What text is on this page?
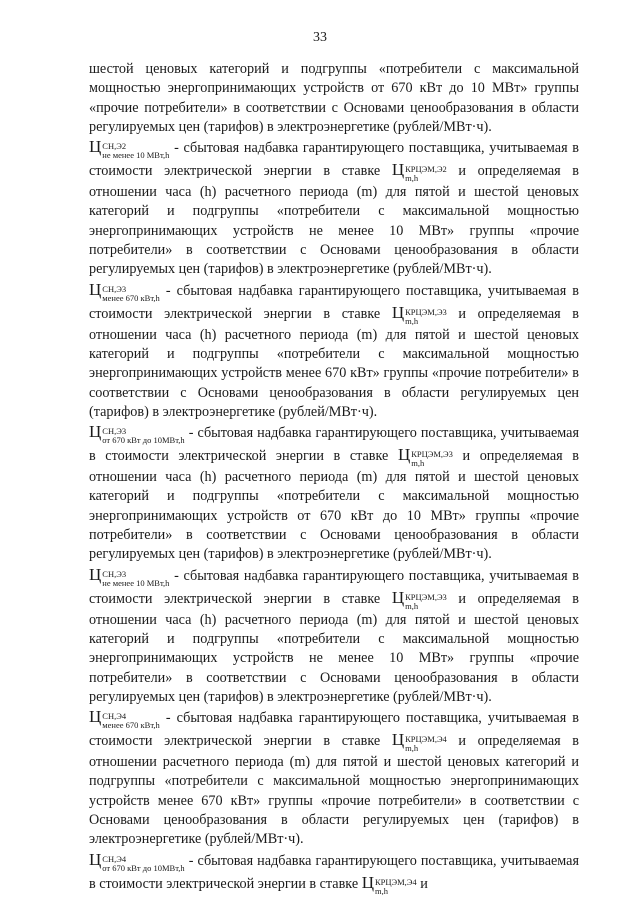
33

шестой ценовых категорий и подгруппы «потребители с максимальной мощностью энергопринимающих устройств от 670 кВт до 10 МВт» группы «прочие потребители» в соответствии с Основами ценообразования в области регулируемых цен (тарифов) в электроэнергетике (рублей/МВт·ч).

Ц СН,Э2
не менее 10 МВт,h - сбытовая надбавка гарантирующего поставщика, учитываемая в стоимости электрической энергии в ставке Ц КРЦЭМ,Э2
m,h	и определяемая в отношении часа (h) расчетного периода (m) для пятой и шестой ценовых категорий и подгруппы «потребители с максимальной мощностью энергопринимающих устройств не менее 10 МВт» группы «прочие потребители» в соответствии с Основами ценообразования в области регулируемых цен (тарифов) в электроэнергетике (рублей/МВт·ч).

Ц СН,Э3
менее 670 кВт,h - сбытовая надбавка гарантирующего поставщика, учитываемая в стоимости электрической энергии в ставке Ц КРЦЭМ,Э3
m,h	и определяемая в отношении часа (h) расчетного периода (m) для пятой и шестой ценовых категорий и подгруппы «потребители с максимальной мощностью энергопринимающих устройств менее 670 кВт» группы «прочие потребители» в соответствии с Основами ценообразования в области регулируемых цен (тарифов) в электроэнергетике (рублей/МВт·ч).

Ц СН,Э3
от 670 кВт до 10МВт,h - сбытовая надбавка гарантирующего поставщика, учитываемая в стоимости электрической энергии в ставке Ц КРЦЭМ,Э3
m,h	и определяемая в отношении часа (h) расчетного периода (m) для пятой и шестой ценовых категорий и подгруппы «потребители с максимальной мощностью энергопринимающих устройств от 670 кВт до 10 МВт» группы «прочие потребители» в соответствии с Основами ценообразования в области регулируемых цен (тарифов) в электроэнергетике (рублей/МВт·ч).

Ц СН,Э3
не менее 10 МВт,h - сбытовая надбавка гарантирующего поставщика, учитываемая в стоимости электрической энергии в ставке Ц КРЦЭМ,Э3
m,h	и определяемая в отношении часа (h) расчетного периода (m) для пятой и шестой ценовых категорий и подгруппы «потребители с максимальной мощностью энергопринимающих устройств не менее 10 МВт» группы «прочие потребители» в соответствии с Основами ценообразования в области регулируемых цен (тарифов) в электроэнергетике (рублей/МВт·ч).

Ц СН,Э4
менее 670 кВт,h - сбытовая надбавка гарантирующего поставщика, учитываемая в стоимости электрической энергии в ставке Ц КРЦЭМ,Э4
m,h	и определяемая в отношении расчетного периода (m) для пятой и шестой ценовых категорий и подгруппы «потребители с максимальной мощностью энергопринимающих устройств менее 670 кВт» группы «прочие потребители» в соответствии с Основами ценообразования в области регулируемых цен (тарифов) в электроэнергетике (рублей/МВт·ч).

Ц СН,Э4
от 670 кВт до 10МВт,h - сбытовая надбавка гарантирующего поставщика, учитываемая в стоимости электрической энергии в ставке Ц КРЦЭМ,Э4
m,h	и
